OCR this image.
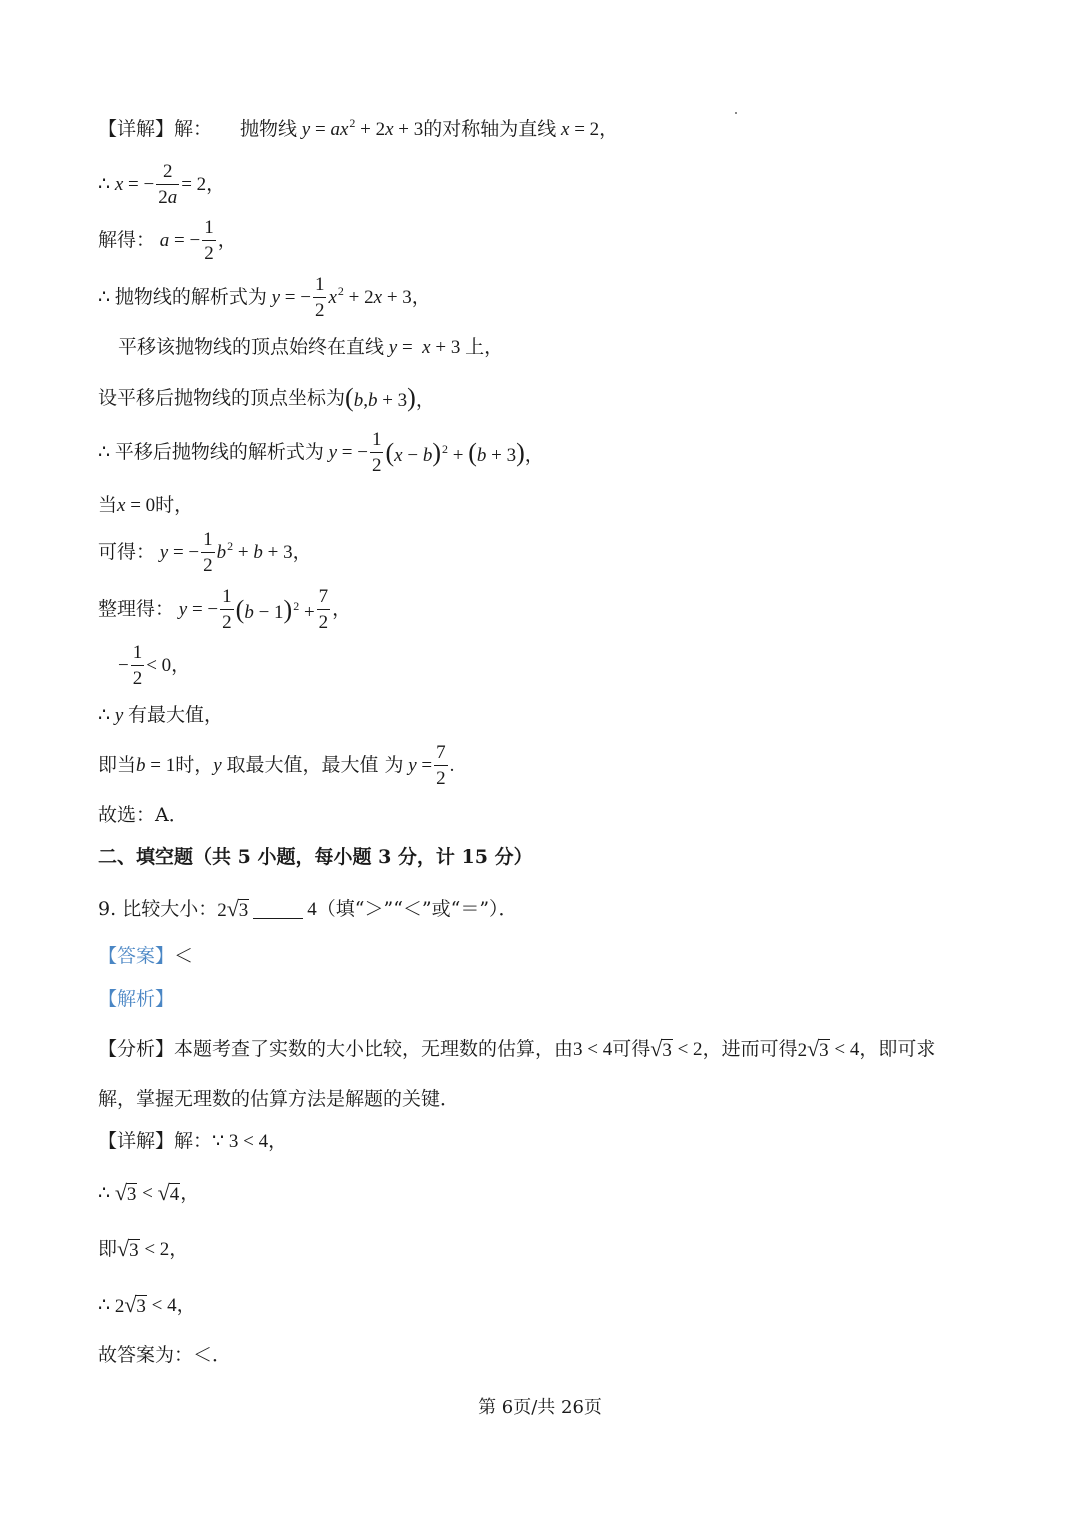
【详解】 解： 抛物线 $y = ax^2 + 2x + 3$ 的对称轴为直线 x = 2，
∴ x = − $\frac{2}{2a} = 2$，
解得： a = − $\frac{1}{2}$ ，
∴ 抛物线的解析式为 y = − $\frac{1}{2} x^2 + 2x + 3$，
平移该抛物线的顶点始终在直线 y =  x + 3 上，
设平移后抛物线的顶点坐标为 (b,b + 3)，
∴ 平移后抛物线的解析式为 y = − $\frac{1}{2} (x - b)^2 + (b + 3)$，
当 x = 0 时，
可得： y = − $\frac{1}{2} b^2 + b + 3$，
整理得： y = − $\frac{1}{2} (b - 1)^2 + \frac{7}{2}$ ，
− $\frac{1}{2} < 0$，
∴ y 有最大值，
即当 b = 1 时， y 取最大值，最大值 为 $y = \frac{7}{2}$ .
故选：A．
二、填空题（共 5 小题，每小题 3 分，计 15 分）
9.
比较大小： 2 √ 3	4 （填“＞”“＜”或“＝”）．
【答案】 ＜
【解析】
【分析】 本题考查了实数的大小比较，无理数的估算，由 3 < 4 可得 √ 3 < 2 ，进而可得 2 √ 3 < 4 ，即可求
解，掌握无理数的估算方法是解题的关键．
【详解】 解： ∵ 3 < 4，
∴ √ 3 < √ 4 ，
即 √ 3 < 2，
∴ 2 √ 3 < 4，
故答案为：＜．
第 6页/共 26页
